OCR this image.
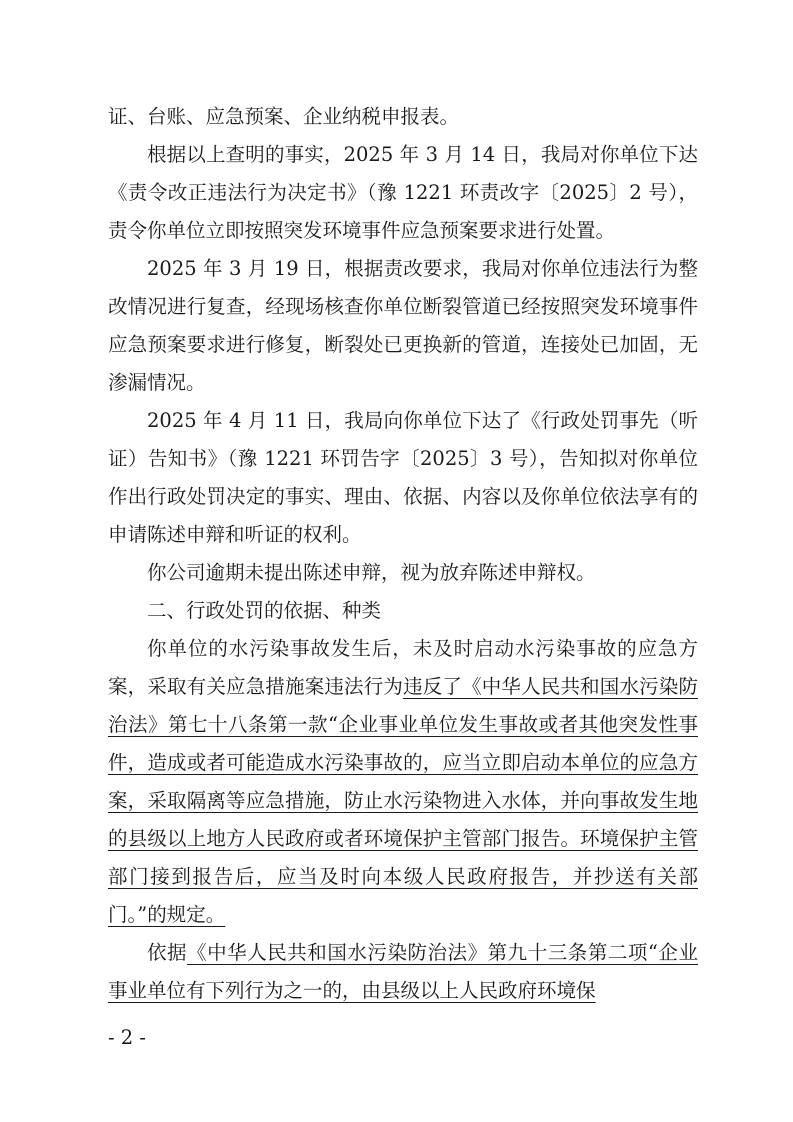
证、台账、应急预案、企业纳税申报表。

根据以上查明的事实，2025 年 3 月 14 日，我局对你单位下达《责令改正违法行为决定书》（豫 1221 环责改字〔2025〕2 号），责令你单位立即按照突发环境事件应急预案要求进行处置。

2025 年 3 月 19 日，根据责改要求，我局对你单位违法行为整改情况进行复查，经现场核查你单位断裂管道已经按照突发环境事件应急预案要求进行修复，断裂处已更换新的管道，连接处已加固，无渗漏情况。

2025 年 4 月 11 日，我局向你单位下达了《行政处罚事先（听证）告知书》（豫 1221 环罚告字〔2025〕3 号），告知拟对你单位作出行政处罚决定的事实、理由、依据、内容以及你单位依法享有的申请陈述申辩和听证的权利。

你公司逾期未提出陈述申辩，视为放弃陈述申辩权。

二、行政处罚的依据、种类

你单位的水污染事故发生后，未及时启动水污染事故的应急方案，采取有关应急措施案违法行为违反了《中华人民共和国水污染防治法》第七十八条第一款“企业事业单位发生事故或者其他突发性事件，造成或者可能造成水污染事故的，应当立即启动本单位的应急方案，采取隔离等应急措施，防止水污染物进入水体，并向事故发生地的县级以上地方人民政府或者环境保护主管部门报告。环境保护主管部门接到报告后，应当及时向本级人民政府报告，并抄送有关部门。”的规定。

依据《中华人民共和国水污染防治法》第九十三条第二项“企业事业单位有下列行为之一的，由县级以上人民政府环境保

- 2 -
